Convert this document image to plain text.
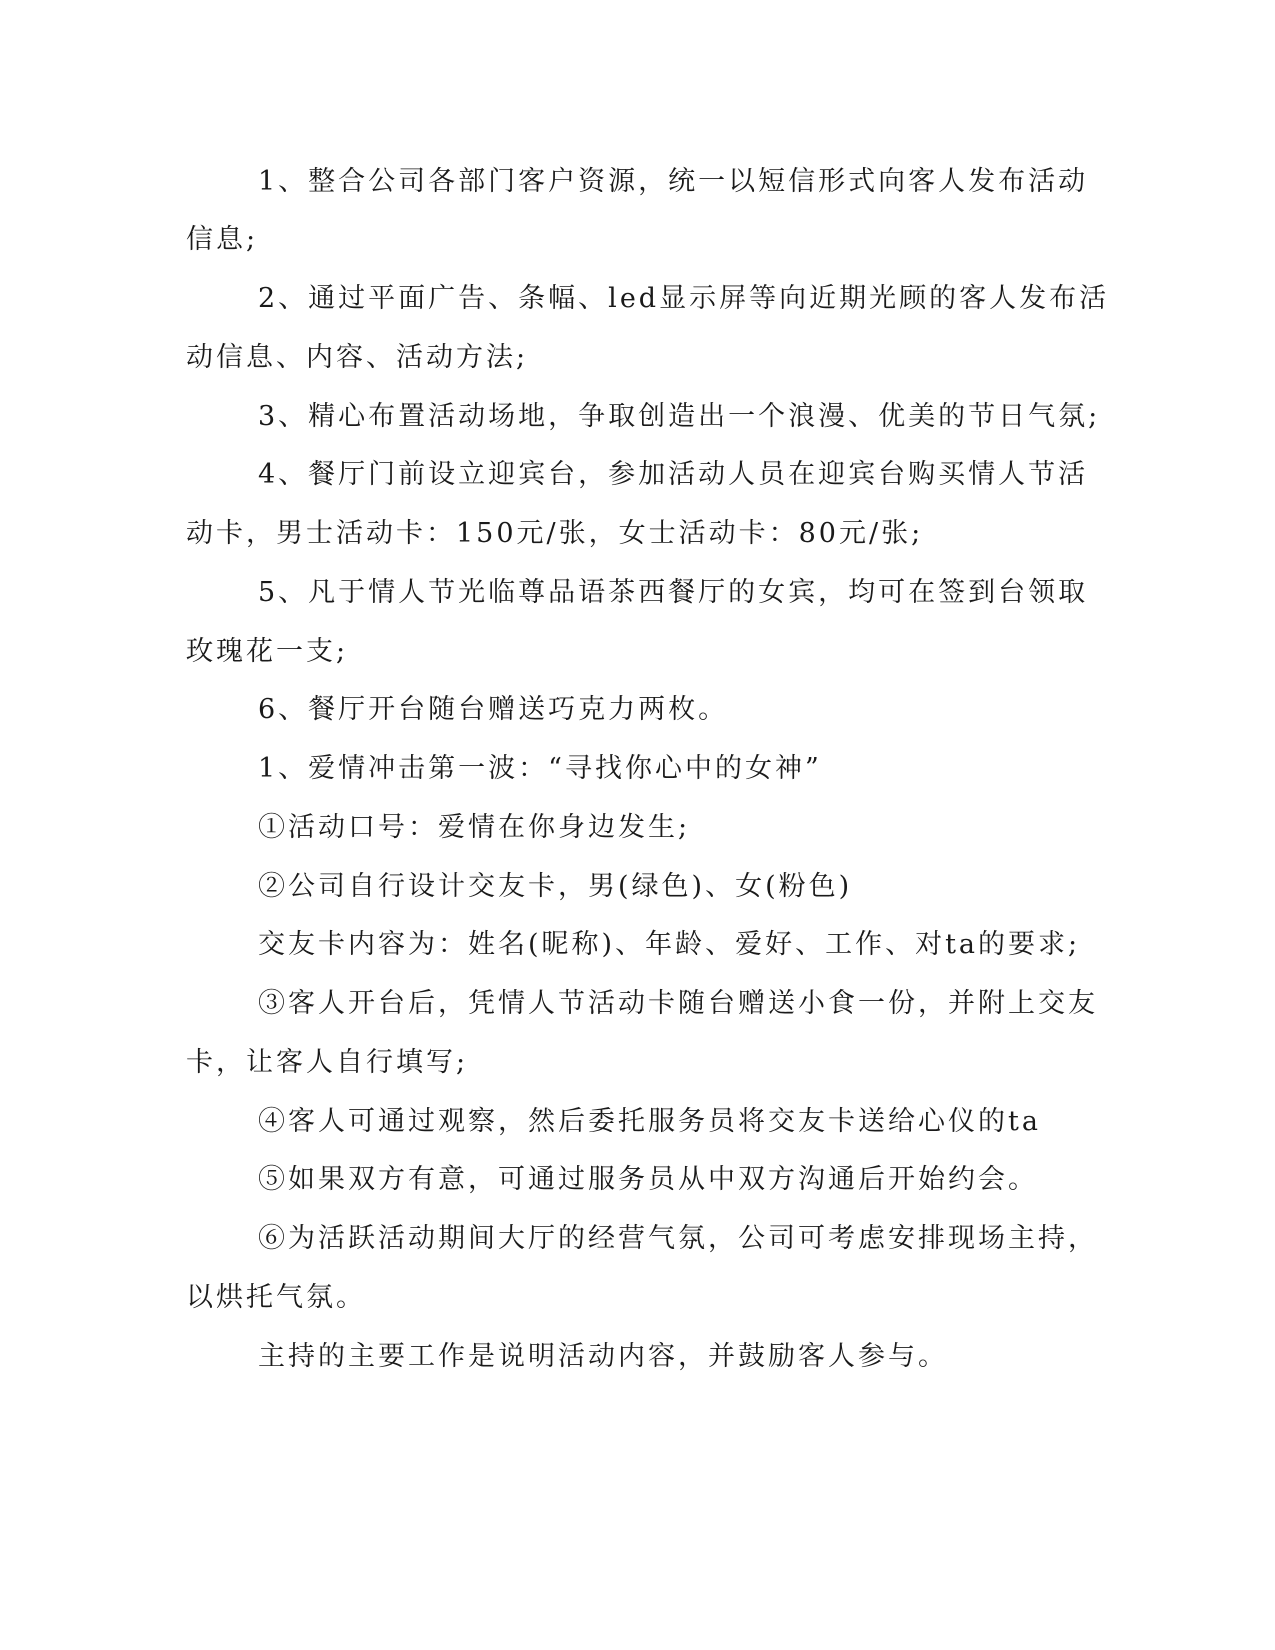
1、整合公司各部门客户资源，统一以短信形式向客人发布活动
信息;
2、通过平面广告、条幅、led显示屏等向近期光顾的客人发布活
动信息、内容、活动方法;
3、精心布置活动场地，争取创造出一个浪漫、优美的节日气氛;
4、餐厅门前设立迎宾台，参加活动人员在迎宾台购买情人节活
动卡，男士活动卡：150元/张，女士活动卡：80元/张;
5、凡于情人节光临尊品语茶西餐厅的女宾，均可在签到台领取
玫瑰花一支;
6、餐厅开台随台赠送巧克力两枚。
1、爱情冲击第一波：“寻找你心中的女神”
①活动口号：爱情在你身边发生;
②公司自行设计交友卡，男(绿色)、女(粉色)
交友卡内容为：姓名(昵称)、年龄、爱好、工作、对ta的要求;
③客人开台后，凭情人节活动卡随台赠送小食一份，并附上交友
卡，让客人自行填写;
④客人可通过观察，然后委托服务员将交友卡送给心仪的ta
⑤如果双方有意，可通过服务员从中双方沟通后开始约会。
⑥为活跃活动期间大厅的经营气氛，公司可考虑安排现场主持，
以烘托气氛。
主持的主要工作是说明活动内容，并鼓励客人参与。
